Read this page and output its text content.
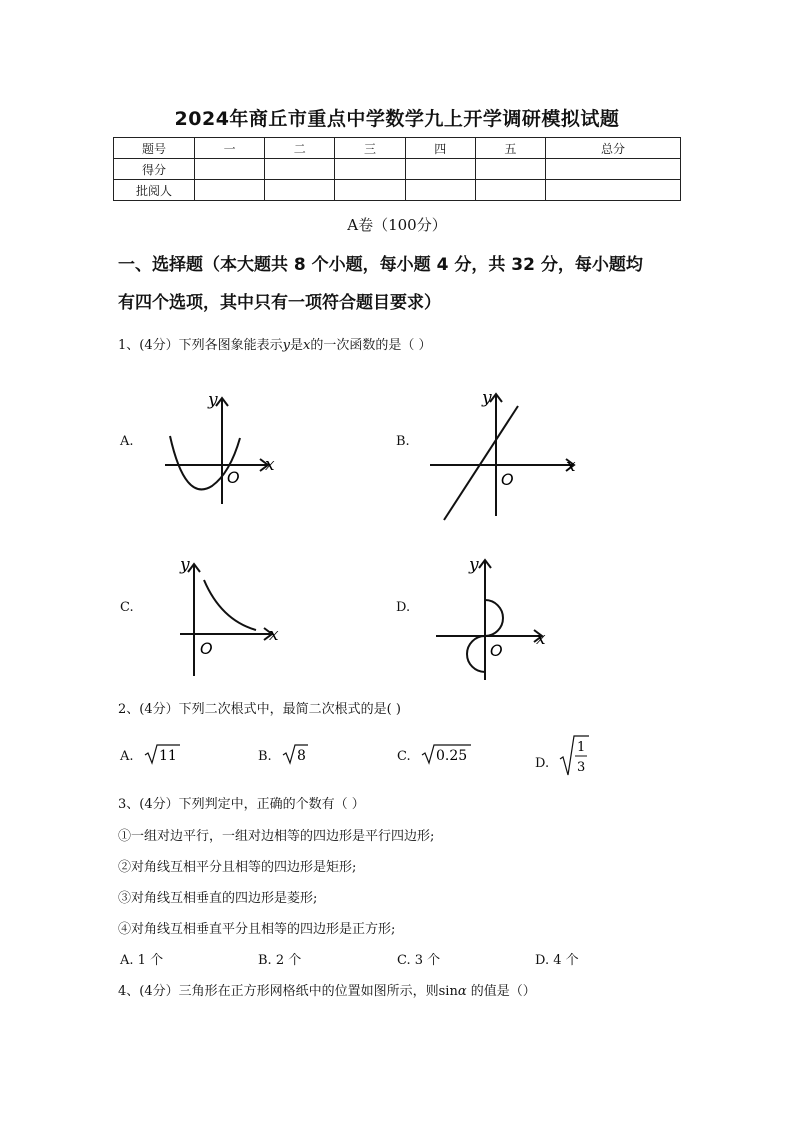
2024年商丘市重点中学数学九上开学调研模拟试题
题号	一	二	三	四	五	总分
得分						
批阅人						
A卷（100分）
一、选择题（本大题共 8 个小题，每小题 4 分，共 32 分，每小题均
有四个选项，其中只有一项符合题目要求）
1、(4分）下列各图象能表示y是x的一次函数的是（ ）
A.
x
y
O
B.
x
y
O
C.
x
y
O
D.
x
y
O
2、(4分）下列二次根式中，最简二次根式的是( )
A. 11	B. 8	C. 0.25	D.
1
3
3、(4分）下列判定中，正确的个数有（ ）
①一组对边平行，一组对边相等的四边形是平行四边形;
②对角线互相平分且相等的四边形是矩形;
③对角线互相垂直的四边形是菱形;
④对角线互相垂直平分且相等的四边形是正方形;
A. 1 个	B. 2 个	C. 3 个	D. 4 个
4、(4分）三角形在正方形网格纸中的位置如图所示，则sinα 的值是（）
